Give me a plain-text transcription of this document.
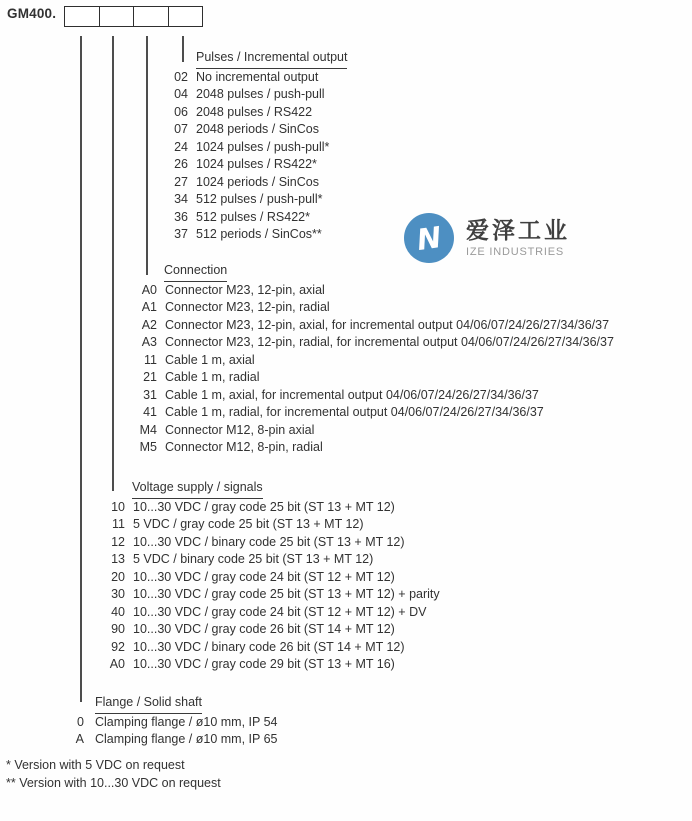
GM400.
Pulses / Incremental output
02 No incremental output
04 2048 pulses / push-pull
06 2048 pulses / RS422
07 2048 periods / SinCos
24 1024 pulses / push-pull*
26 1024 pulses / RS422*
27 1024 periods / SinCos
34 512 pulses / push-pull*
36 512 pulses / RS422*
37 512 periods / SinCos**
Connection
A0 Connector M23, 12-pin, axial
A1 Connector M23, 12-pin, radial
A2 Connector M23, 12-pin, axial, for incremental output 04/06/07/24/26/27/34/36/37
A3 Connector M23, 12-pin, radial, for incremental output 04/06/07/24/26/27/34/36/37
11 Cable 1 m, axial
21 Cable 1 m, radial
31 Cable 1 m, axial, for incremental output 04/06/07/24/26/27/34/36/37
41 Cable 1 m, radial, for incremental output 04/06/07/24/26/27/34/36/37
M4 Connector M12, 8-pin axial
M5 Connector M12, 8-pin, radial
Voltage supply / signals
10 10...30 VDC / gray code 25 bit (ST 13 + MT 12)
11 5 VDC / gray code 25 bit (ST 13 + MT 12)
12 10...30 VDC / binary code 25 bit (ST 13 + MT 12)
13 5 VDC / binary code 25 bit (ST 13 + MT 12)
20 10...30 VDC / gray code 24 bit (ST 12 + MT 12)
30 10...30 VDC / gray code 25 bit (ST 13 + MT 12) + parity
40 10...30 VDC / gray code 24 bit (ST 12 + MT 12) + DV
90 10...30 VDC / gray code 26 bit (ST 14 + MT 12)
92 10...30 VDC / binary code 26 bit (ST 14 + MT 12)
A0 10...30 VDC / gray code 29 bit (ST 13 + MT 16)
Flange / Solid shaft
0 Clamping flange / ø10 mm, IP 54
A Clamping flange / ø10 mm, IP 65
* Version with 5 VDC on request
** Version with 10...30 VDC on request
N 爱泽工业
IZE INDUSTRIES
